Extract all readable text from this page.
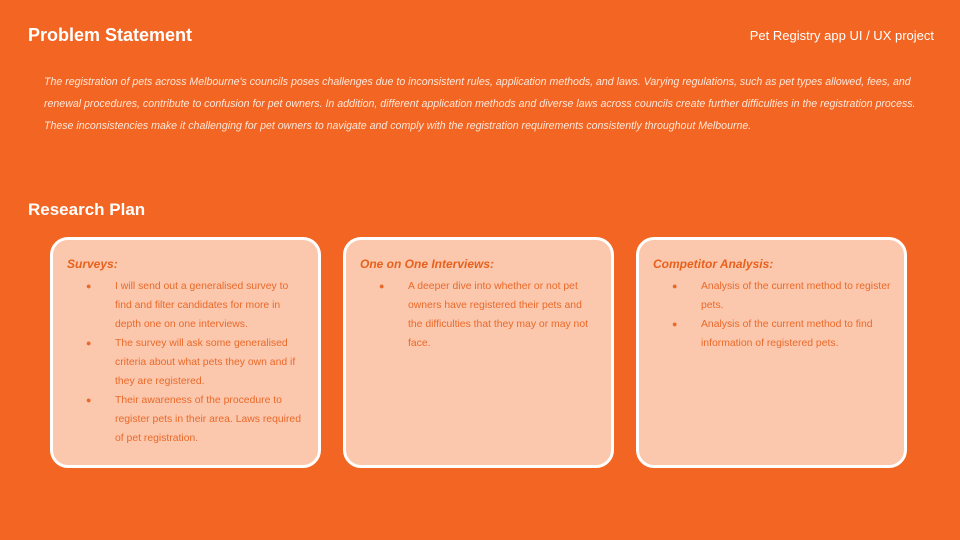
Problem Statement	Pet Registry app UI / UX project

The registration of pets across Melbourne's councils poses challenges due to inconsistent rules, application methods, and laws. Varying regulations, such as pet types allowed, fees, and renewal procedures, contribute to confusion for pet owners. In addition, different application methods and diverse laws across councils create further difficulties in the registration process. These inconsistencies make it challenging for pet owners to navigate and comply with the registration requirements consistently throughout Melbourne.

Research Plan
Surveys:
● I will send out a generalised survey to find and filter candidates for more in depth one on one interviews.
● The survey will ask some generalised criteria about what pets they own and if they are registered.
● Their awareness of the procedure to register pets in their area. Laws required of pet registration.
One on One Interviews:
● A deeper dive into whether or not pet owners have registered their pets and the difficulties that they may or may not face.
Competitor Analysis:
● Analysis of the current method to register pets.
● Analysis of the current method to find information of registered pets.
